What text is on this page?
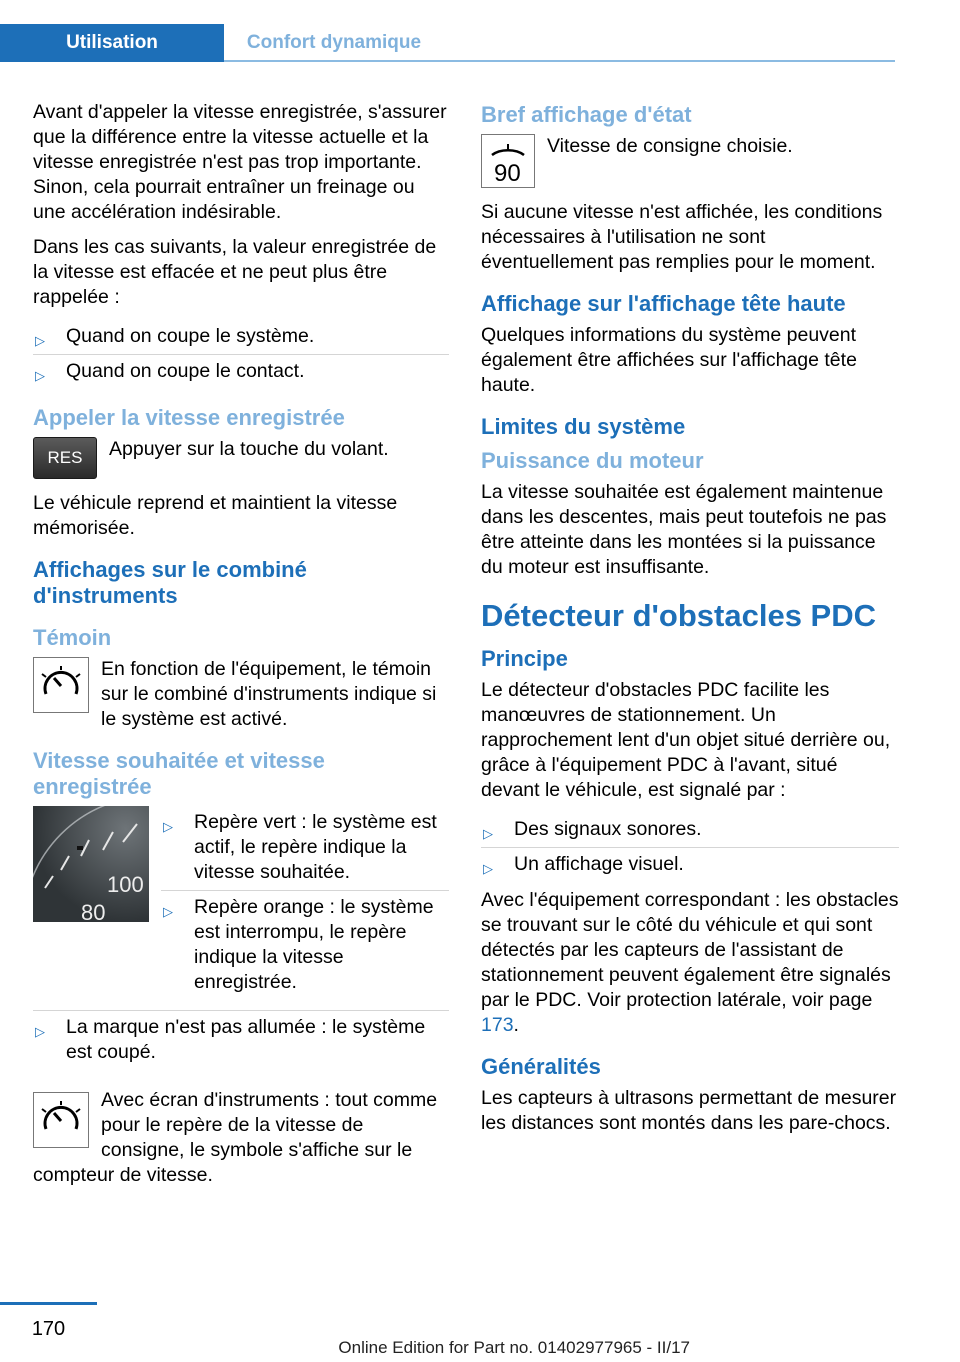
Utilisation	Confort dynamique

Avant d'appeler la vitesse enregistrée, s'assurer que la différence entre la vitesse actuelle et la vitesse enregistrée n'est pas trop importante. Sinon, cela pourrait entraîner un freinage ou une accélération indésirable.

Dans les cas suivants, la valeur enregistrée de la vitesse est effacée et ne peut plus être rappelée :

▷ Quand on coupe le système.
▷ Quand on coupe le contact.
Appeler la vitesse enregistrée
RES	Appuyer sur la touche du volant.

Le véhicule reprend et maintient la vitesse mémorisée.

Affichages sur le combiné d'instruments
Témoin
En fonction de l'équipement, le témoin sur le combiné d'instruments indique si le système est activé.
Vitesse souhaitée et vitesse enregistrée
100
80
▷ Repère vert : le système est actif, le repère indique la vitesse souhaitée.
▷ Repère orange : le système est interrompu, le repère indique la vitesse enregistrée.
▷ La marque n'est pas allumée : le système est coupé.
Avec écran d'instruments : tout comme pour le repère de la vitesse de consigne, le symbole s'affiche sur le compteur de vitesse.
Bref affichage d'état
90
Vitesse de consigne choisie.

Si aucune vitesse n'est affichée, les conditions nécessaires à l'utilisation ne sont éventuellement pas remplies pour le moment.

Affichage sur l'affichage tête haute

Quelques informations du système peuvent également être affichées sur l'affichage tête haute.

Limites du système
Puissance du moteur

La vitesse souhaitée est également maintenue dans les descentes, mais peut toutefois ne pas être atteinte dans les montées si la puissance du moteur est insuffisante.

Détecteur d'obstacles PDC
Principe

Le détecteur d'obstacles PDC facilite les manœuvres de stationnement. Un rapprochement lent d'un objet situé derrière ou, grâce à l'équipement PDC à l'avant, situé devant le véhicule, est signalé par :

▷ Des signaux sonores.
▷ Un affichage visuel.

Avec l'équipement correspondant : les obstacles se trouvant sur le côté du véhicule et qui sont détectés par les capteurs de l'assistant de stationnement peuvent également être signalés par le PDC. Voir protection latérale, voir page 173.

Généralités

Les capteurs à ultrasons permettant de mesurer les distances sont montés dans les pare-chocs.

170
Online Edition for Part no. 01402977965 - II/17
